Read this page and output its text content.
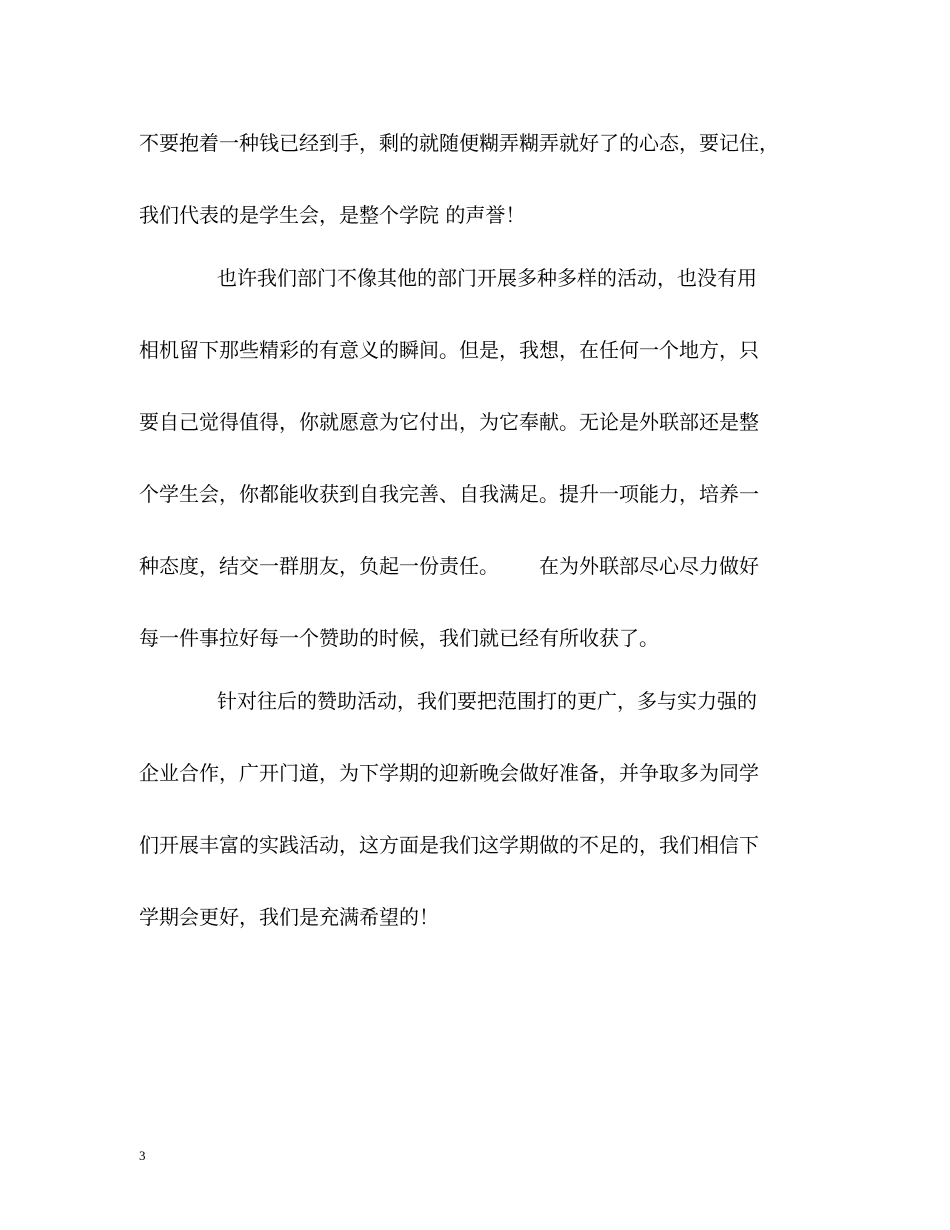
不要抱着一种钱已经到手，剩的就随便糊弄糊弄就好了的心态，要记住，
我们代表的是学生会，是整个学院 的声誉！
也许我们部门不像其他的部门开展多种多样的活动，也没有用
相机留下那些精彩的有意义的瞬间。但是，我想，在任何一个地方，只
要自己觉得值得，你就愿意为它付出，为它奉献。无论是外联部还是整
个学生会，你都能收获到自我完善、自我满足。提升一项能力，培养一
种态度，结交一群朋友，负起一份责任。 在为外联部尽心尽力做好
每一件事拉好每一个赞助的时候，我们就已经有所收获了。
针对往后的赞助活动，我们要把范围打的更广，多与实力强的
企业合作，广开门道，为下学期的迎新晚会做好准备，并争取多为同学
们开展丰富的实践活动，这方面是我们这学期做的不足的，我们相信下
学期会更好，我们是充满希望的！
3
